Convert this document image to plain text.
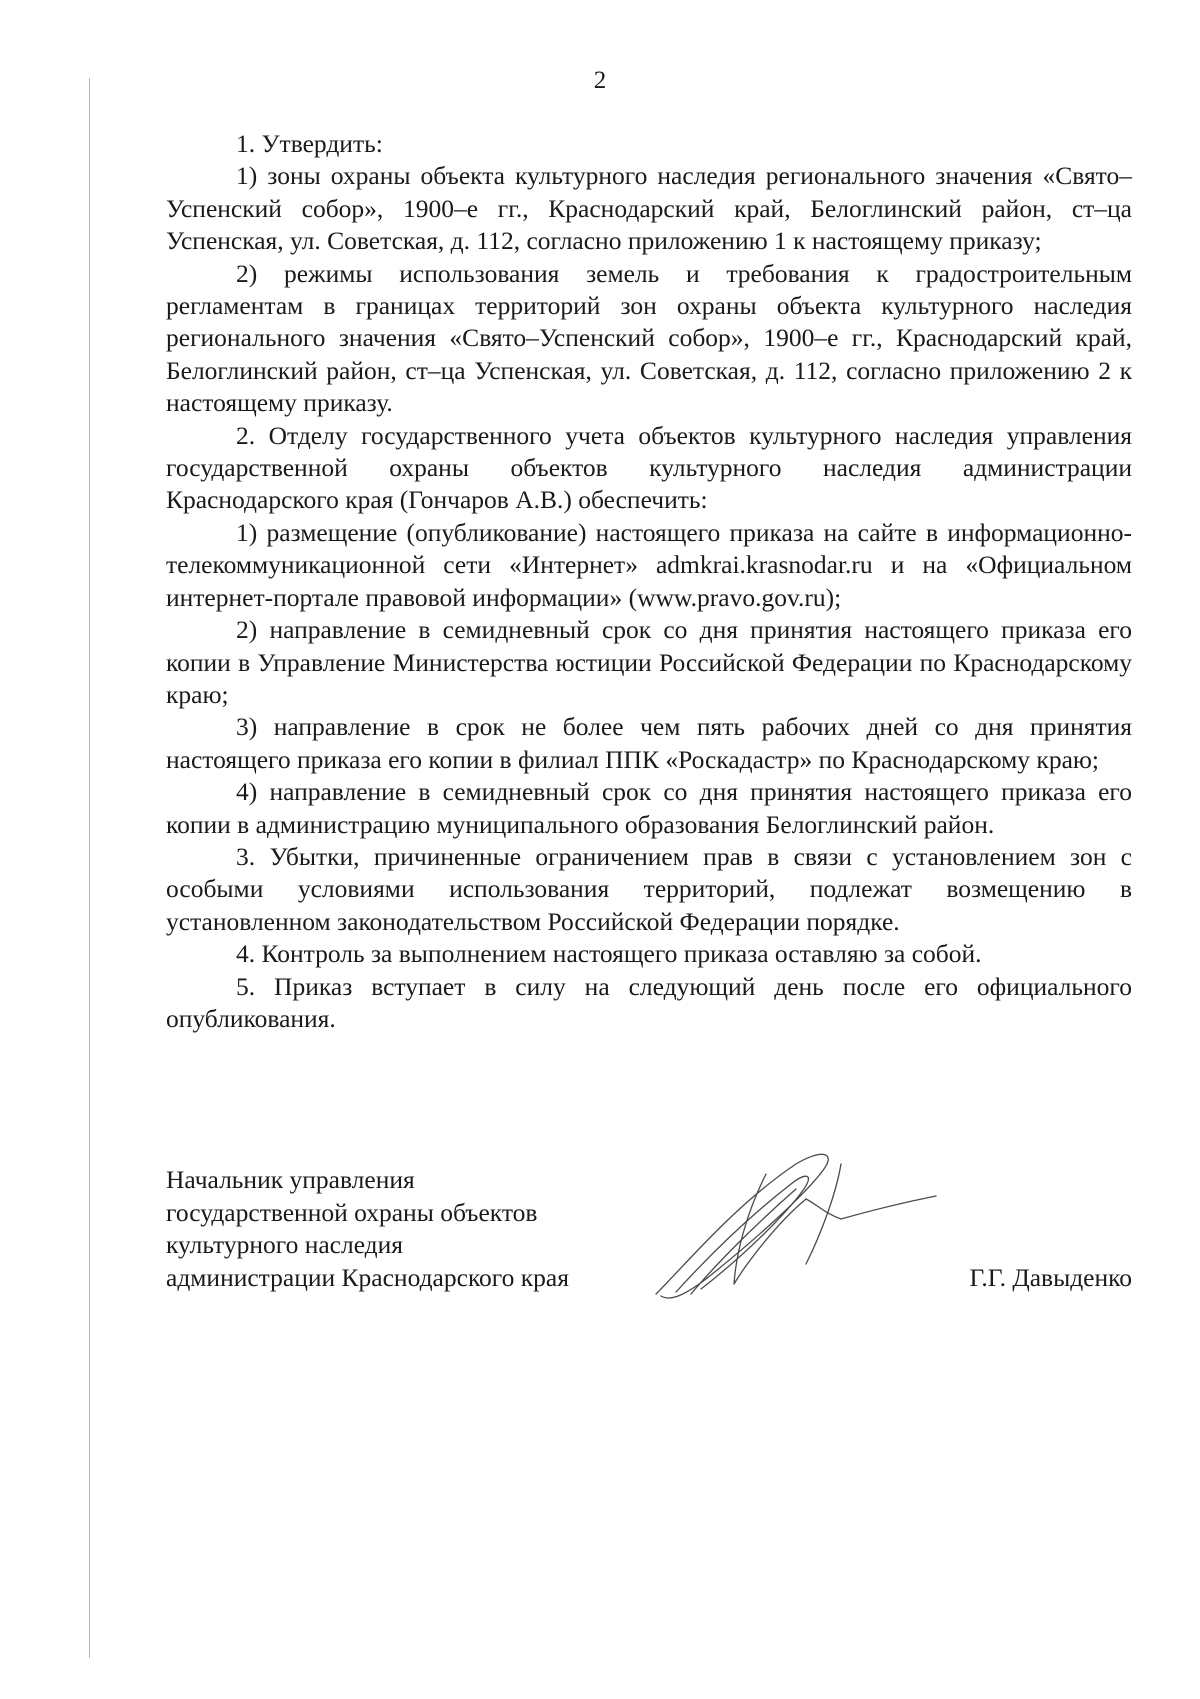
2

1. Утвердить:

1) зоны охраны объекта культурного наследия регионального значения «Свято–Успенский собор», 1900–е гг., Краснодарский край, Белоглинский район, ст–ца Успенская, ул. Советская, д. 112, согласно приложению 1 к настоящему приказу;

2) режимы использования земель и требования к градостроительным регламентам в границах территорий зон охраны объекта культурного наследия регионального значения «Свято–Успенский собор», 1900–е гг., Краснодарский край, Белоглинский район, ст–ца Успенская, ул. Советская, д. 112, согласно приложению 2 к настоящему приказу.

2. Отделу государственного учета объектов культурного наследия управления государственной охраны объектов культурного наследия администрации Краснодарского края (Гончаров А.В.) обеспечить:

1) размещение (опубликование) настоящего приказа на сайте в информационно-телекоммуникационной сети «Интернет» admkrai.krasnodar.ru и на «Официальном интернет-портале правовой информации» (www.pravo.gov.ru);

2) направление в семидневный срок со дня принятия настоящего приказа его копии в Управление Министерства юстиции Российской Федерации по Краснодарскому краю;

3) направление в срок не более чем пять рабочих дней со дня принятия настоящего приказа его копии в филиал ППК «Роскадастр» по Краснодарскому краю;

4) направление в семидневный срок со дня принятия настоящего приказа его копии в администрацию муниципального образования Белоглинский район.

3. Убытки, причиненные ограничением прав в связи с установлением зон с особыми условиями использования территорий, подлежат возмещению в установленном законодательством Российской Федерации порядке.

4. Контроль за выполнением настоящего приказа оставляю за собой.

5. Приказ вступает в силу на следующий день после его официального опубликования.

Начальник управления
государственной охраны объектов
культурного наследия
администрации Краснодарского края	Г.Г. Давыденко
